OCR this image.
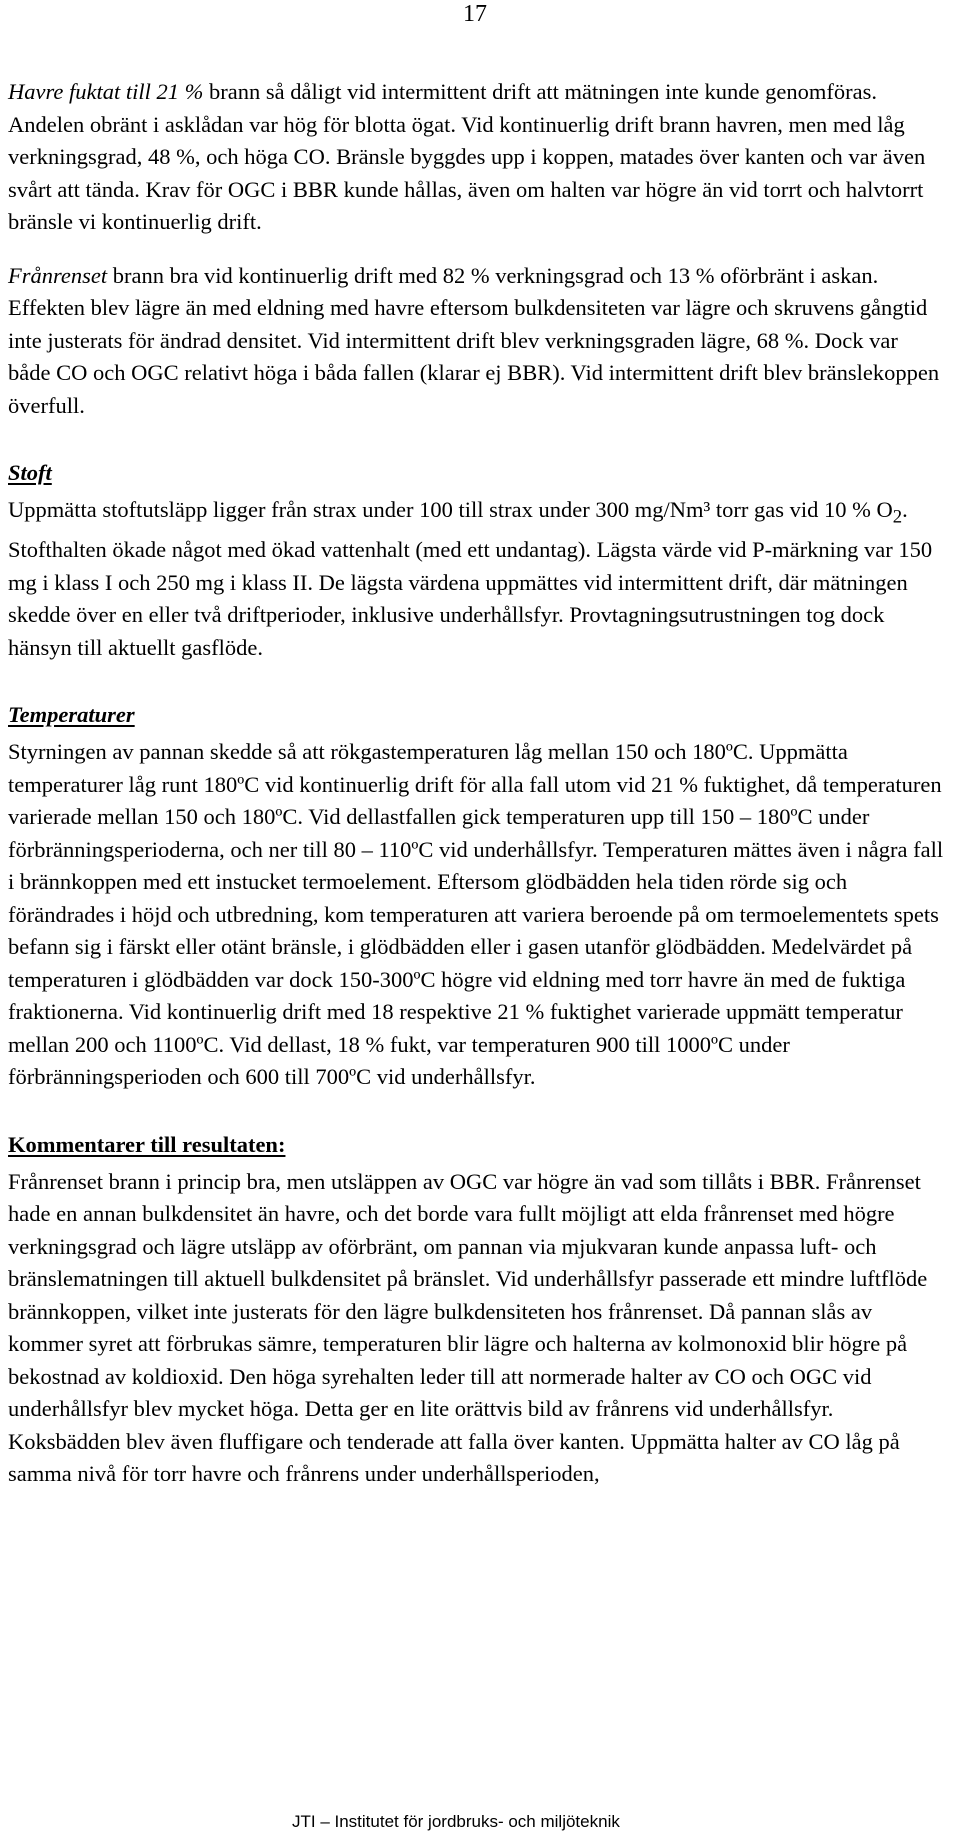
17

Havre fuktat till 21 % brann så dåligt vid intermittent drift att mätningen inte kunde genomföras. Andelen obränt i asklådan var hög för blotta ögat. Vid kontinuerlig drift brann havren, men med låg verkningsgrad, 48 %, och höga CO. Bränsle byggdes upp i koppen, matades över kanten och var även svårt att tända. Krav för OGC i BBR kunde hållas, även om halten var högre än vid torrt och halvtorrt bränsle vi kontinuerlig drift.

Frånrenset brann bra vid kontinuerlig drift med 82 % verkningsgrad och 13 % oförbränt i askan. Effekten blev lägre än med eldning med havre eftersom bulkdensiteten var lägre och skruvens gångtid inte justerats för ändrad densitet. Vid intermittent drift blev verkningsgraden lägre, 68 %. Dock var både CO och OGC relativt höga i båda fallen (klarar ej BBR). Vid intermittent drift blev bränslekoppen överfull.

Stoft

Uppmätta stoftutsläpp ligger från strax under 100 till strax under 300 mg/Nm³ torr gas vid 10 % $O_2$. Stofthalten ökade något med ökad vattenhalt (med ett undantag). Lägsta värde vid P-märkning var 150 mg i klass I och 250 mg i klass II. De lägsta värdena uppmättes vid intermittent drift, där mätningen skedde över en eller två driftperioder, inklusive underhållsfyr. Provtagningsutrustningen tog dock hänsyn till aktuellt gasflöde.

Temperaturer

Styrningen av pannan skedde så att rökgastemperaturen låg mellan 150 och 180ºC. Uppmätta temperaturer låg runt 180ºC vid kontinuerlig drift för alla fall utom vid 21 % fuktighet, då temperaturen varierade mellan 150 och 180ºC. Vid dellastfallen gick temperaturen upp till 150 – 180ºC under förbränningsperioderna, och ner till 80 – 110ºC vid underhållsfyr. Temperaturen mättes även i några fall i brännkoppen med ett instucket termoelement. Eftersom glödbädden hela tiden rörde sig och förändrades i höjd och utbredning, kom temperaturen att variera beroende på om termoelementets spets befann sig i färskt eller otänt bränsle, i glödbädden eller i gasen utanför glödbädden. Medelvärdet på temperaturen i glödbädden var dock 150-300ºC högre vid eldning med torr havre än med de fuktiga fraktionerna. Vid kontinuerlig drift med 18 respektive 21 % fuktighet varierade uppmätt temperatur mellan 200 och 1100ºC. Vid dellast, 18 % fukt, var temperaturen 900 till 1000ºC under förbränningsperioden och 600 till 700ºC vid underhållsfyr.

Kommentarer till resultaten:

Frånrenset brann i princip bra, men utsläppen av OGC var högre än vad som tillåts i BBR. Frånrenset hade en annan bulkdensitet än havre, och det borde vara fullt möjligt att elda frånrenset med högre verkningsgrad och lägre utsläpp av oförbränt, om pannan via mjukvaran kunde anpassa luft- och bränslematningen till aktuell bulkdensitet på bränslet. Vid underhållsfyr passerade ett mindre luftflöde brännkoppen, vilket inte justerats för den lägre bulkdensiteten hos frånrenset. Då pannan slås av kommer syret att förbrukas sämre, temperaturen blir lägre och halterna av kolmonoxid blir högre på bekostnad av koldioxid. Den höga syrehalten leder till att normerade halter av CO och OGC vid underhållsfyr blev mycket höga. Detta ger en lite orättvis bild av frånrens vid underhållsfyr. Koksbädden blev även fluffigare och tenderade att falla över kanten. Uppmätta halter av CO låg på samma nivå för torr havre och frånrens under underhållsperioden,

JTI – Institutet för jordbruks- och miljöteknik
